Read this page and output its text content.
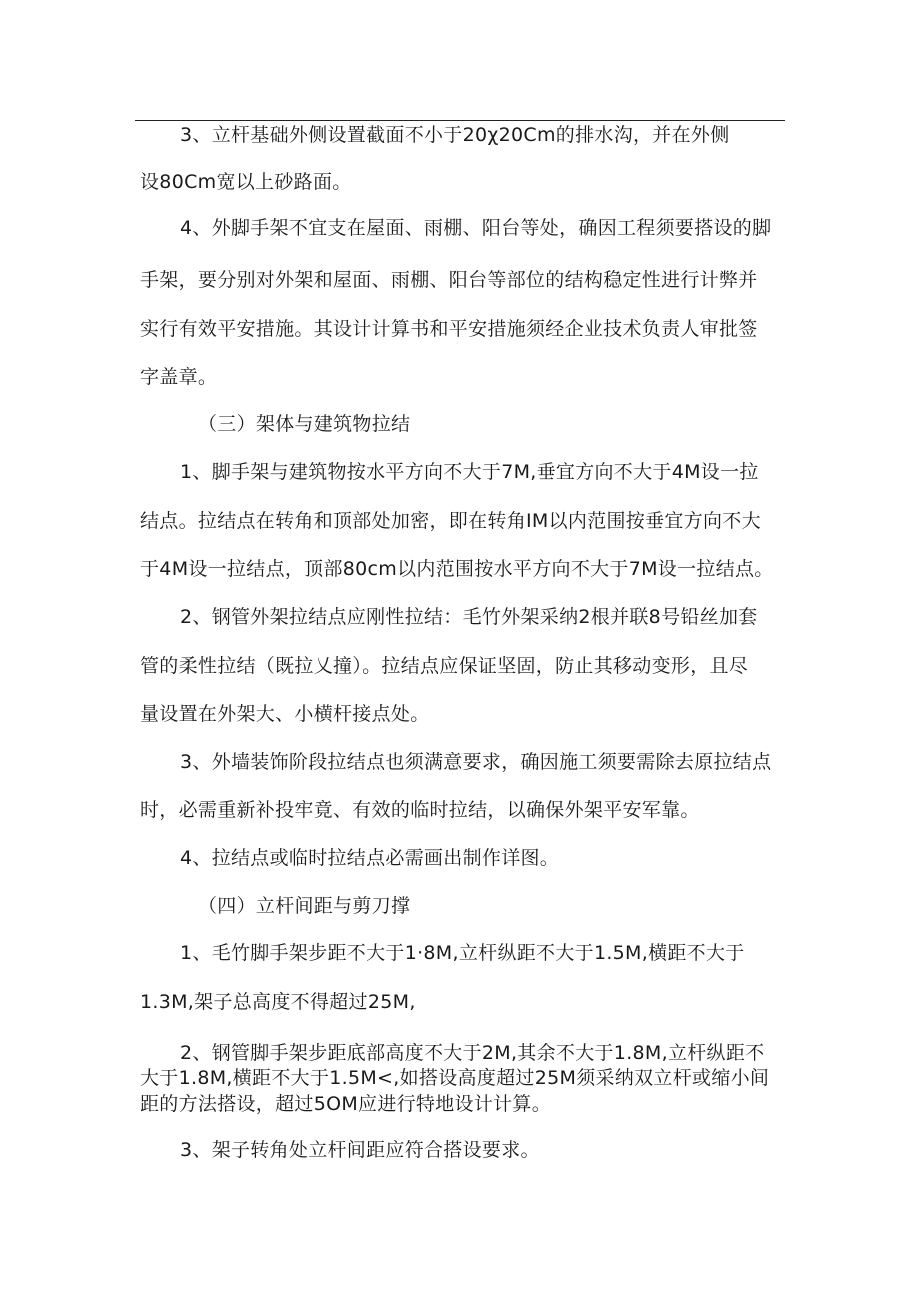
3、立杆基础外侧设置截面不小于20χ20Cm的排水沟，并在外侧
设80Cm宽以上砂路面。
4、外脚手架不宜支在屋面、雨棚、阳台等处，确因工程须要搭设的脚
手架，要分别对外架和屋面、雨棚、阳台等部位的结构稳定性进行计弊并
实行有效平安措施。其设计计算书和平安措施须经企业技术负责人审批签
字盖章。
（三）架体与建筑物拉结
1、脚手架与建筑物按水平方向不大于7M,垂宜方向不大于4M设一拉
结点。拉结点在转角和顶部处加密，即在转角IM以内范围按垂宜方向不大
于4M设一拉结点，顶部80cm以内范围按水平方向不大于7M设一拉结点。
2、钢管外架拉结点应刚性拉结：毛竹外架采纳2根并联8号铅丝加套
管的柔性拉结（既拉乂撞）。拉结点应保证坚固，防止其移动变形，且尽
量设置在外架大、小横杆接点处。
3、外墙装饰阶段拉结点也须满意要求，确因施工须要需除去原拉结点
时，必需重新补投牢竟、有效的临时拉结，以确保外架平安军靠。
4、拉结点或临时拉结点必需画出制作详图。
（四）立杆间距与剪刀撑
1、毛竹脚手架步距不大于1·8M,立杆纵距不大于1.5M,横距不大于
1.3M,架子总高度不得超过25M,
2、钢管脚手架步距底部高度不大于2M,其余不大于1.8M,立杆纵距不
大于1.8M,横距不大于1.5M<,如搭设高度超过25M须采纳双立杆或缩小间
距的方法搭设，超过5OM应进行特地设计计算。
3、架子转角处立杆间距应符合搭设要求。
